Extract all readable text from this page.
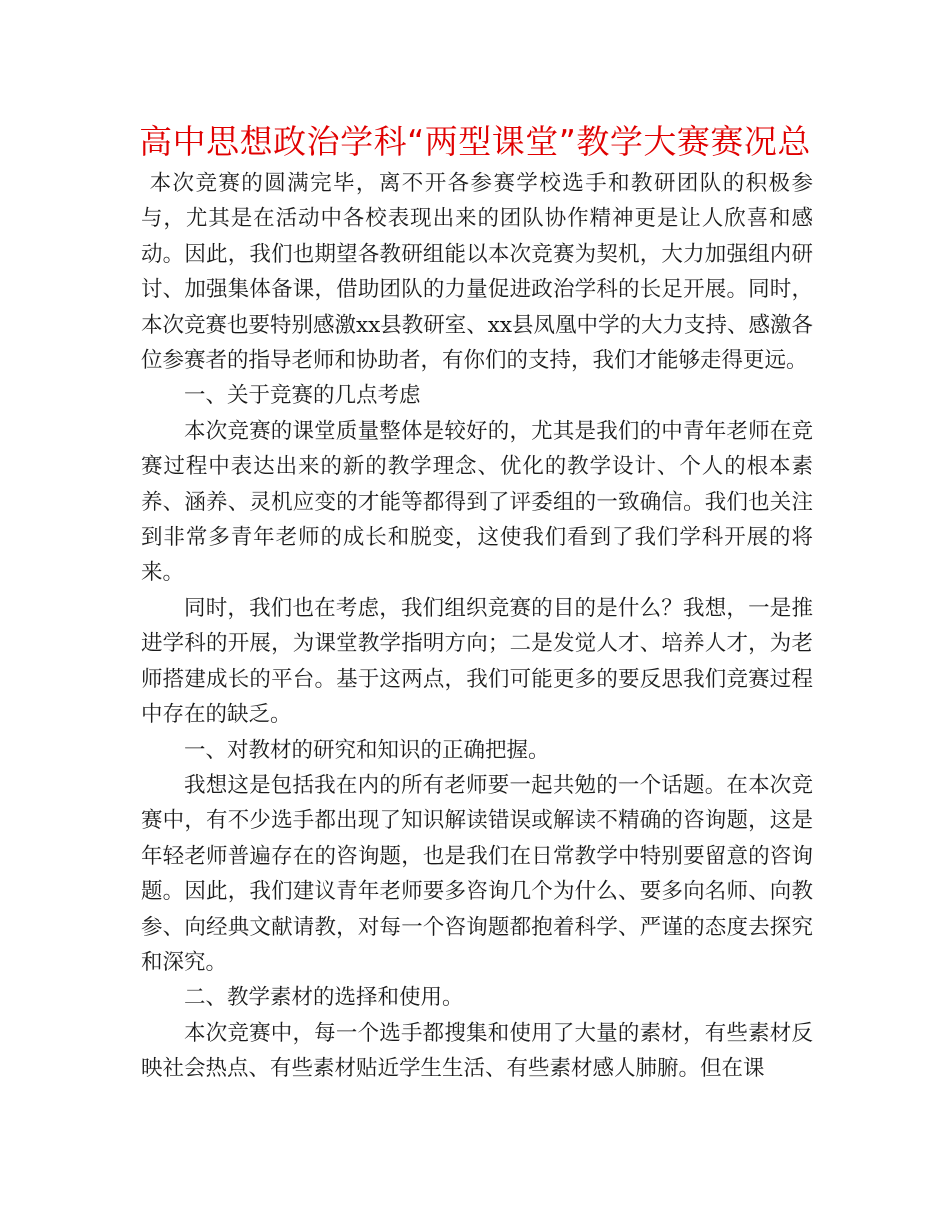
高中思想政治学科“两型课堂”教学大赛赛况总

本次竞赛的圆满完毕，离不开各参赛学校选手和教研团队的积极参与，尤其是在活动中各校表现出来的团队协作精神更是让人欣喜和感动。因此，我们也期望各教研组能以本次竞赛为契机，大力加强组内研讨、加强集体备课，借助团队的力量促进政治学科的长足开展。同时，本次竞赛也要特别感激xx县教研室、xx县凤凰中学的大力支持、感激各位参赛者的指导老师和协助者，有你们的支持，我们才能够走得更远。

一、关于竞赛的几点考虑

本次竞赛的课堂质量整体是较好的，尤其是我们的中青年老师在竞赛过程中表达出来的新的教学理念、优化的教学设计、个人的根本素养、涵养、灵机应变的才能等都得到了评委组的一致确信。我们也关注到非常多青年老师的成长和脱变，这使我们看到了我们学科开展的将来。

同时，我们也在考虑，我们组织竞赛的目的是什么？我想，一是推进学科的开展，为课堂教学指明方向；二是发觉人才、培养人才，为老师搭建成长的平台。基于这两点，我们可能更多的要反思我们竞赛过程中存在的缺乏。

一、对教材的研究和知识的正确把握。

我想这是包括我在内的所有老师要一起共勉的一个话题。在本次竞赛中，有不少选手都出现了知识解读错误或解读不精确的咨询题，这是年轻老师普遍存在的咨询题，也是我们在日常教学中特别要留意的咨询题。因此，我们建议青年老师要多咨询几个为什么、要多向名师、向教参、向经典文献请教，对每一个咨询题都抱着科学、严谨的态度去探究和深究。

二、教学素材的选择和使用。

本次竞赛中，每一个选手都搜集和使用了大量的素材，有些素材反映社会热点、有些素材贴近学生生活、有些素材感人肺腑。但在课
